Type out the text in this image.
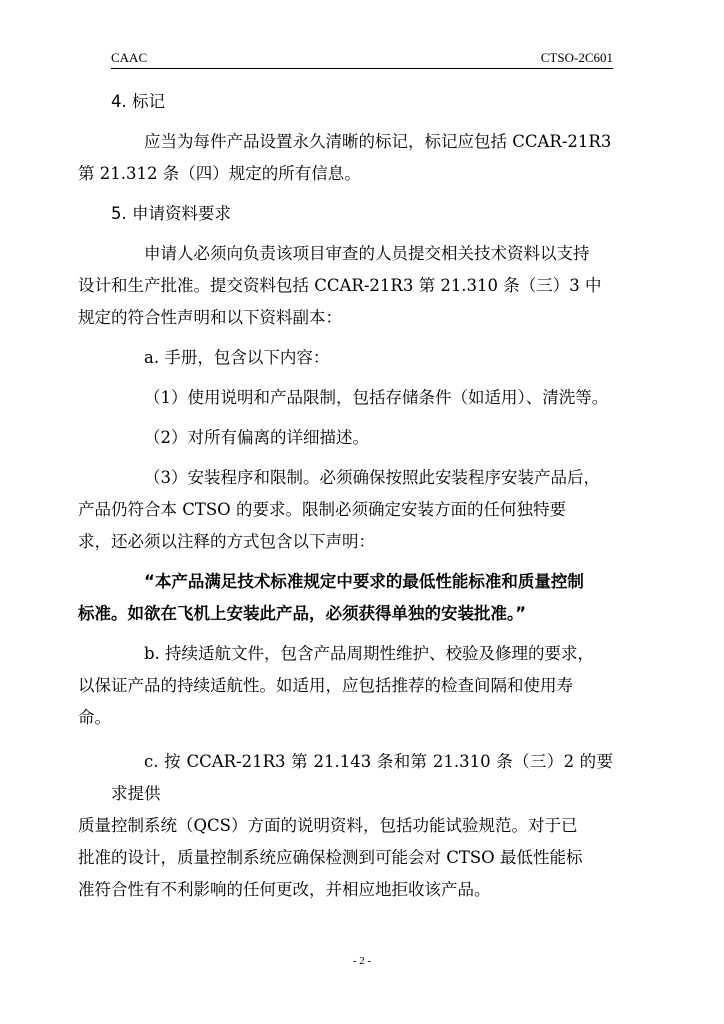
CAAC	CTSO-2C601

4. 标记

应当为每件产品设置永久清晰的标记，标记应包括 CCAR-21R3
第 21.312 条（四）规定的所有信息。

5. 申请资料要求

申请人必须向负责该项目审查的人员提交相关技术资料以支持
设计和生产批准。提交资料包括 CCAR-21R3 第 21.310 条（三）3 中
规定的符合性声明和以下资料副本：

a. 手册，包含以下内容：

（1）使用说明和产品限制，包括存储条件（如适用）、清洗等。

（2）对所有偏离的详细描述。

（3）安装程序和限制。必须确保按照此安装程序安装产品后，
产品仍符合本 CTSO 的要求。限制必须确定安装方面的任何独特要
求，还必须以注释的方式包含以下声明：

“本产品满足技术标准规定中要求的最低性能标准和质量控制
标准。如欲在飞机上安装此产品，必须获得单独的安装批准。”

b. 持续适航文件，包含产品周期性维护、校验及修理的要求，
以保证产品的持续适航性。如适用，应包括推荐的检查间隔和使用寿
命。

c. 按 CCAR-21R3 第 21.143 条和第 21.310 条（三）2 的要求提供
质量控制系统（QCS）方面的说明资料，包括功能试验规范。对于已
批准的设计，质量控制系统应确保检测到可能会对 CTSO 最低性能标
准符合性有不利影响的任何更改，并相应地拒收该产品。

- 2 -
